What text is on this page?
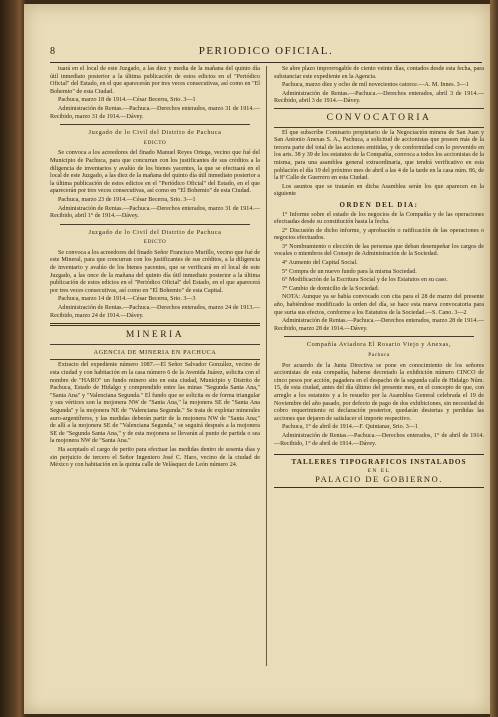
8	PERIODICO OFICIAL.

tuará en el local de este Juzgado, a las diez y media de la mañana del quinto día útil inmediato posterior a la última publicación de estos edictos en el "Periódico Oficial" del Estado, en el que aparecerán por tres veces consecutivas, así como en "El Bohemio" de esta Ciudad.

Pachuca, marzo 18 de 1914.—César Becerra, Srio. 3—1

Administración de Rentas.—Pachuca.—Derechos enterados, marzo 31 de 1914.—Recibido, marzo 31 de 1914.—Dávey.

Juzgado de lo Civil del Distrito de Pachuca
EDICTO

Se convoca a los acreedores del finado Manuel Reyes Ortega, vecino que fué del Municipio de Pachuca, para que concurran con los justificantes de sus créditos a la diligencia de inventarios y avalúo de los bienes yacentes, la que se efectuará en el local de este Juzgado, a las diez de la mañana del quinto día útil inmediato posterior a la última publicación de estos edictos en el "Periódico Oficial" del Estado, en el que aparecerán por tres veces consecutivas, así como en "El Bohemio" de esta Ciudad.

Pachuca, marzo 23 de 1914.—César Becerra, Srio. 3—1

Administración de Rentas.—Pachuca.—Derechos enterados, marzo 31 de 1914.—Recibido, abril 1° de 1914.—Dávey.

Juzgado de lo Civil del Distrito de Pachuca
EDICTO

Se convoca a los acreedores del finado Señor Francisco Murillo, vecino que fué de este Mineral, para que concurran con los justificantes de sus créditos, a la diligencia de inventario y avalúo de los bienes yacentes, que se verificará en el local de este Juzgado, a las once de la mañana del quinto día útil inmediato posterior a la última publicación de estos edictos en el "Periódico Oficial" del Estado, en el que aparecerá por tres veces consecutivas, así como en "El Bohemio" de esta Capital.

Pachuca, marzo 14 de 1914.—César Becerra, Srio. 3—3

Administración de Rentas.—Pachuca.—Derechos enterados, marzo 24 de 1913.—Recibido, marzo 24 de 1914.—Dávey.

MINERIA
AGENCIA DE MINERIA EN PACHUCA

Extracto del expediente número 1087.—El Señor Salvador González, vecino de esta ciudad y con habitación en la casa número 6 de la Avenida Juárez, solicita con el nombre de "HARO" un fundo minero sito en esta ciudad, Municipio y Distrito de Pachuca, Estado de Hidalgo y comprendido entre las minas "Segunda Santa Ana," "Santa Ana" y "Valenciana Segunda." El fundo que se solicita es de forma triangular y sus vértices son la mojonera NW de "Santa Ana," la mojonera SE de "Santa Ana Segunda" y la mojonera NE de "Valenciana Segunda." Se trata de explotar minerales auro-argentíferos, y las medidas deberán partir de la mojonera NW de "Santa Ana;" de allí a la mojonera SE de "Valenciana Segunda," se seguirá después a la mojonera SE de "Segunda Santa Ana," y de esta mojonera se llevarán al punto de partida o sea la mojonera NW de "Santa Ana."

Ha aceptado el cargo de perito para efectuar las medidas dentro de sesenta días y sin perjuicio de tercero el Señor Ingeniero José C. Haro, vecino de la ciudad de México y con habitación en la quinta calle de Velásquez de León número 24.

Se abre plazo improrrogable de ciento veinte días, contados desde esta fecha, para substanciar este expediente en la Agencia.

Pachuca, marzo diez y ocho de mil novecientos catorce.—A. M. Innes. 3—1

Administración de Rentas.—Pachuca.—Derechos enterados, abril 3 de 1914.—Recibido, abril 3 de 1914.—Dávey.

CONVOCATORIA

El que subscribe Comisario propietario de la Negociación minera de San Juan y San Antonio Anexas S. A., Pachuca, a solicitud de accionistas que poseen más de la tercera parte del total de las acciones emitidas, y de conformidad con lo prevenido en los arts. 38 y 39 de los estatutos de la Compañía, convoca a todos los accionistas de la misma, para una asamblea general extraordinaria, que tendrá verificativo en esta población el día 19 del próximo mes de abril a las 4 de la tarde en la casa núm. 86, de la 8ª Calle de Guerrero en esta Ciudad.

Los asuntos que se tratarán en dicha Asamblea serán los que aparecen en la siguiente

ORDEN DEL DIA:

1° Informe sobre el estado de los negocios de la Compañía y de las operaciones efectuadas desde su constitución hasta la fecha.

2° Discusión de dicho informe, y aprobación o ratificación de las operaciones o negocios efectuados.

3° Nombramiento o elección de las personas que deban desempeñar los cargos de vocales o miembros del Consejo de Administración de la Sociedad.

4° Aumento del Capital Social.

5° Compra de un nuevo fundo para la misma Sociedad.

6° Modificación de la Escritura Social y de los Estatutos en su caso.

7° Cambio de domicilio de la Sociedad.

NOTA: Aunque ya se había convocado con cita para el 28 de marzo del presente año, habiéndose modificado la orden del día, se hace esta nueva convocatoria para que surta sus efectos, conforme a los Estatutos de la Sociedad.—S. Cano. 3—2

Administración de Rentas.—Pachuca.—Derechos enterados, marzo 28 de 1914.—Recibido, marzo 28 de 1914.—Dávey.

Compañía Aviadora El Rosario Viejo y Anexas,
Pachuca

Por acuerdo de la Junta Directiva se pone en conocimiento de los señores accionistas de esta compañía, haberse decretado la exhibición número CINCO de cinco pesos por acción, pagadera en el despacho de la segunda calle de Hidalgo Núm. 15, de esta ciudad, antes del día último del presente mes, en el concepto de que, con arreglo a los estatutos y a lo resuelto por la Asamblea General celebrada el 19 de Noviembre del año pasado, por defecto de pago de dos exhibiciones, sin necesidad de cobro requerimiento ni declaración posterior, quedarán desiertas y perdidas las acciones que dejaren de satisfacer el importe respectivo.

Pachuca, 1° de abril de 1914.—F. Quintanar, Srio. 3—1

Administración de Rentas.—Pachuca.—Derechos enterados, 1° de abril de 1914.—Recibido, 1° de abril de 1914.—Dávey.

TALLERES TIPOGRAFICOS INSTALADOS
EN EL
PALACIO DE GOBIERNO.
